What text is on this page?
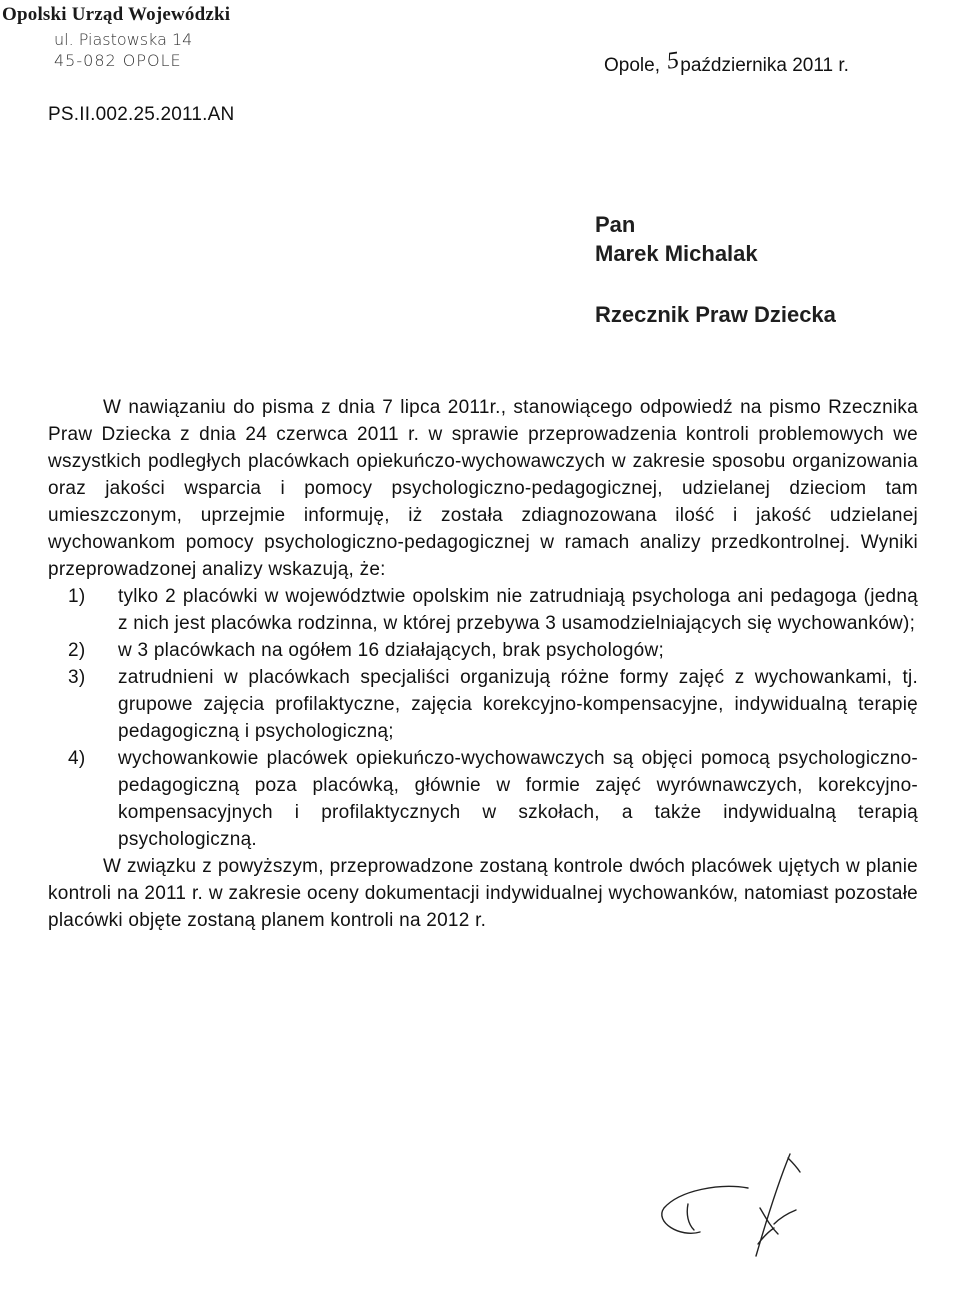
Opolski Urząd Wojewódzki
ul. Piastowska 14
45-082 OPOLE	Opole, 5października 2011 r.
PS.II.002.25.2011.AN
Pan
Marek Michalak
Rzecznik Praw Dziecka

W nawiązaniu do pisma z dnia 7 lipca 2011r., stanowiącego odpowiedź na pismo Rzecznika Praw Dziecka z dnia 24 czerwca 2011 r. w sprawie przeprowadzenia kontroli problemowych we wszystkich podległych placówkach opiekuńczo-wychowawczych w zakresie sposobu organizowania oraz jakości wsparcia i pomocy psychologiczno-pedagogicznej, udzielanej dzieciom tam umieszczonym, uprzejmie informuję, iż została zdiagnozowana ilość i jakość udzielanej wychowankom pomocy psychologiczno-pedagogicznej w ramach analizy przedkontrolnej. Wyniki przeprowadzonej analizy wskazują, że:

1) tylko 2 placówki w województwie opolskim nie zatrudniają psychologa ani pedagoga (jedną z nich jest placówka rodzinna, w której przebywa 3 usamodzielniających się wychowanków);
2) w 3 placówkach na ogółem 16 działających, brak psychologów;
3) zatrudnieni w placówkach specjaliści organizują różne formy zajęć z wychowankami, tj. grupowe zajęcia profilaktyczne, zajęcia korekcyjno-kompensacyjne, indywidualną terapię pedagogiczną i psychologiczną;
4) wychowankowie placówek opiekuńczo-wychowawczych są objęci pomocą psychologiczno-pedagogiczną poza placówką, głównie w formie zajęć wyrównawczych, korekcyjno-kompensacyjnych i profilaktycznych w szkołach, a także indywidualną terapią psychologiczną.

W związku z powyższym, przeprowadzone zostaną kontrole dwóch placówek ujętych w planie kontroli na 2011 r. w zakresie oceny dokumentacji indywidualnej wychowanków, natomiast pozostałe placówki objęte zostaną planem kontroli na 2012 r.
